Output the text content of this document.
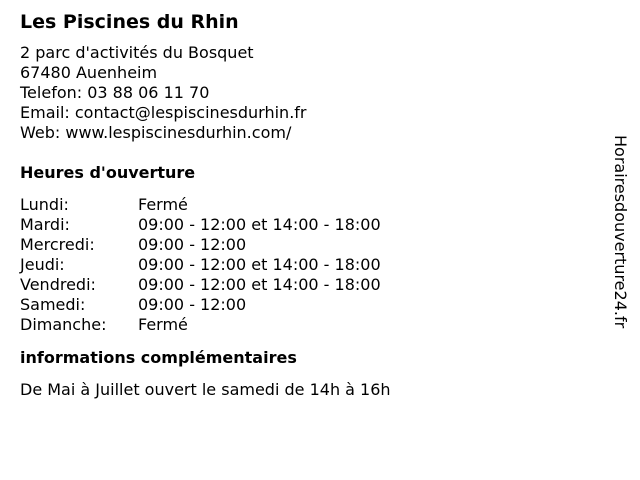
Les Piscines du Rhin
2 parc d'activités du Bosquet
67480 Auenheim
Telefon: 03 88 06 11 70
Email: contact@lespiscinesdurhin.fr
Web: www.lespiscinesdurhin.com/
Heures d'ouverture
Lundi:	Fermé
Mardi:	09:00 - 12:00 et 14:00 - 18:00
Mercredi:	09:00 - 12:00
Jeudi:	09:00 - 12:00 et 14:00 - 18:00
Vendredi:	09:00 - 12:00 et 14:00 - 18:00
Samedi:	09:00 - 12:00
Dimanche:	Fermé
informations complémentaires
De Mai à Juillet ouvert le samedi de 14h à 16h
Horairesdouverture24.fr
